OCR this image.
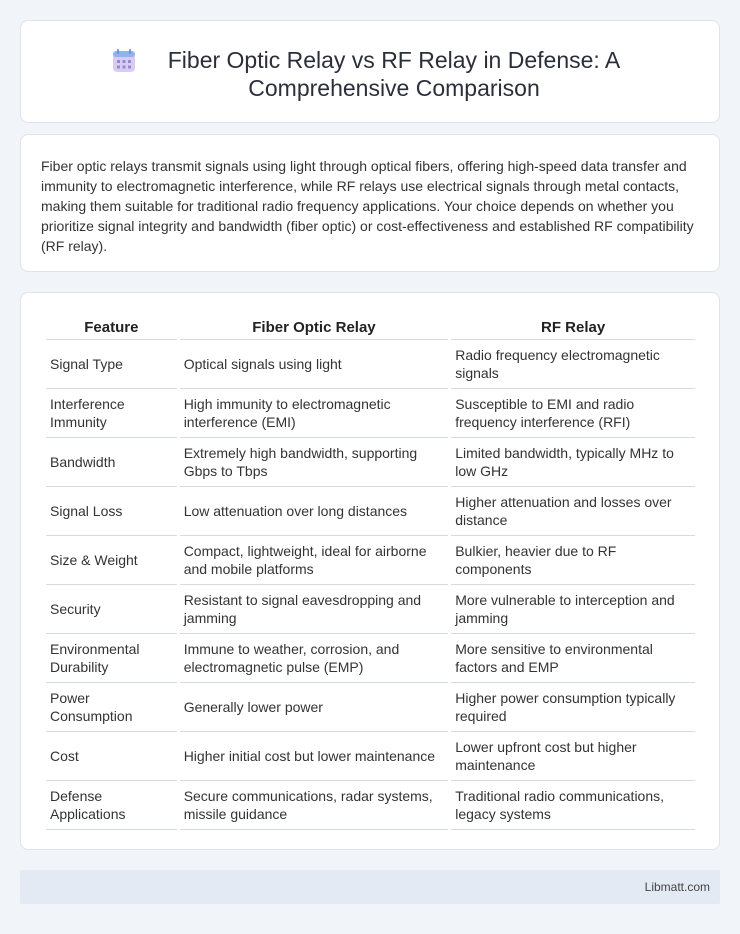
Fiber Optic Relay vs RF Relay in Defense: A Comprehensive Comparison

Fiber optic relays transmit signals using light through optical fibers, offering high-speed data transfer and immunity to electromagnetic interference, while RF relays use electrical signals through metal contacts, making them suitable for traditional radio frequency applications. Your choice depends on whether you prioritize signal integrity and bandwidth (fiber optic) or cost-effectiveness and established RF compatibility (RF relay).

Feature	Fiber Optic Relay	RF Relay
Signal Type	Optical signals using light	Radio frequency electromagnetic signals
Interference Immunity	High immunity to electromagnetic interference (EMI)	Susceptible to EMI and radio frequency interference (RFI)
Bandwidth	Extremely high bandwidth, supporting Gbps to Tbps	Limited bandwidth, typically MHz to low GHz
Signal Loss	Low attenuation over long distances	Higher attenuation and losses over distance
Size & Weight	Compact, lightweight, ideal for airborne and mobile platforms	Bulkier, heavier due to RF components
Security	Resistant to signal eavesdropping and jamming	More vulnerable to interception and jamming
Environmental Durability	Immune to weather, corrosion, and electromagnetic pulse (EMP)	More sensitive to environmental factors and EMP
Power Consumption	Generally lower power	Higher power consumption typically required
Cost	Higher initial cost but lower maintenance	Lower upfront cost but higher maintenance
Defense Applications	Secure communications, radar systems, missile guidance	Traditional radio communications, legacy systems
Libmatt.com
